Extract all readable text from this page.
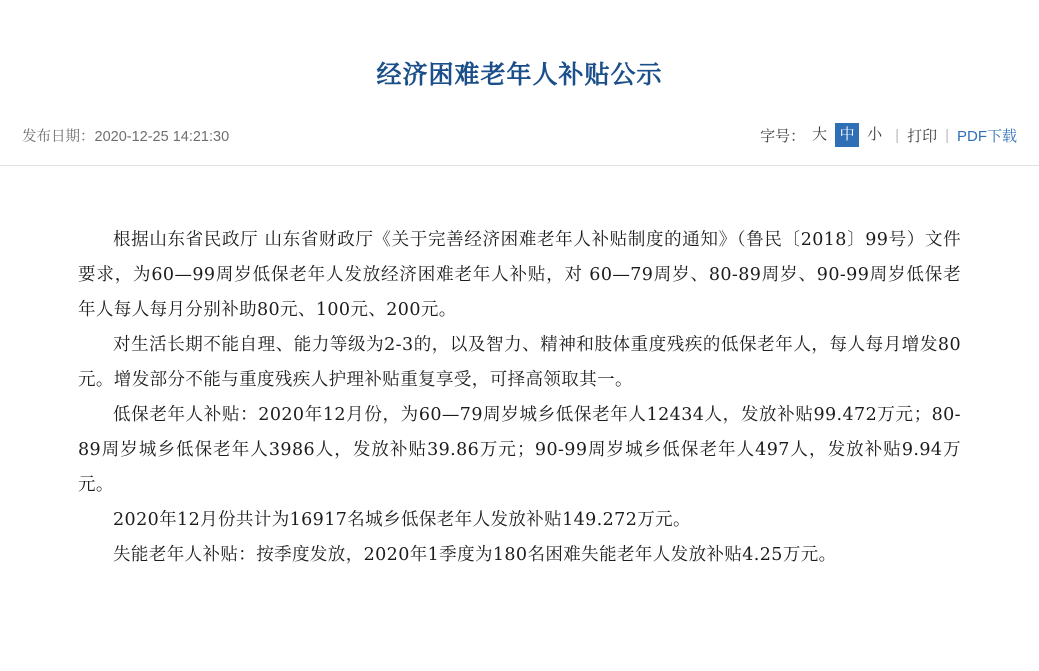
经济困难老年人补贴公示
发布日期：2020-12-25 14:21:30	字号： 大 中 小 | 打印 | PDF下载

根据山东省民政厅 山东省财政厅《关于完善经济困难老年人补贴制度的通知》（鲁民〔2018〕99号）文件要求，为60—99周岁低保老年人发放经济困难老年人补贴，对 60—79周岁、80-89周岁、90-99周岁低保老年人每人每月分别补助80元、100元、200元。

对生活长期不能自理、能力等级为2-3的，以及智力、精神和肢体重度残疾的低保老年人，每人每月增发80元。增发部分不能与重度残疾人护理补贴重复享受，可择高领取其一。

低保老年人补贴：2020年12月份，为60—79周岁城乡低保老年人12434人，发放补贴99.472万元；80-89周岁城乡低保老年人3986人，发放补贴39.86万元；90-99周岁城乡低保老年人497人，发放补贴9.94万元。

2020年12月份共计为16917名城乡低保老年人发放补贴149.272万元。

失能老年人补贴：按季度发放，2020年1季度为180名困难失能老年人发放补贴4.25万元。
